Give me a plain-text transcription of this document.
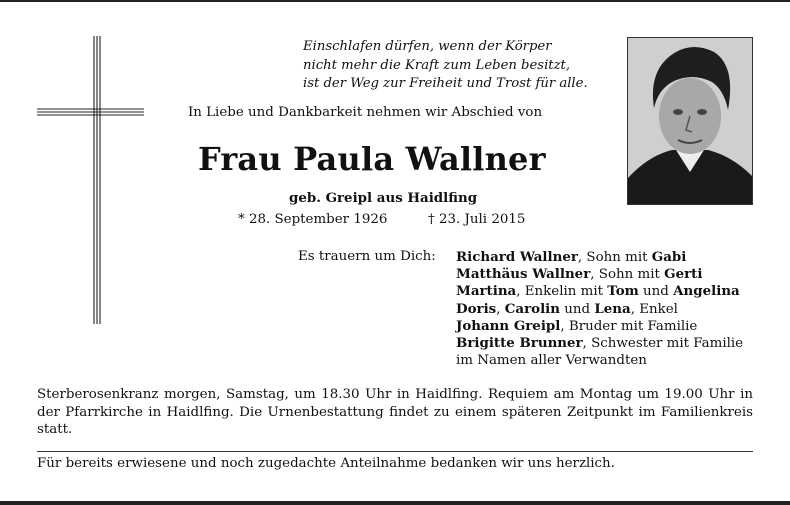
Einschlafen dürfen, wenn der Körper
nicht mehr die Kraft zum Leben besitzt,
ist der Weg zur Freiheit und Trost für alle.
In Liebe und Dankbarkeit nehmen wir Abschied von
Frau Paula Wallner
geb. Greipl aus Haidlfing
* 28. September 1926	† 23. Juli 2015
Es trauern um Dich: Richard Wallner, Sohn mit Gabi
Matthäus Wallner, Sohn mit Gerti
Martina, Enkelin mit Tom und Angelina
Doris, Carolin und Lena, Enkel
Johann Greipl, Bruder mit Familie
Brigitte Brunner, Schwester mit Familie
im Namen aller Verwandten
Sterberosenkranz morgen, Samstag, um 18.30 Uhr in Haidlfing. Requiem am Montag um 19.00 Uhr in der Pfarrkirche in Haidlfing. Die Urnenbestattung findet zu einem späteren Zeitpunkt im Familienkreis statt.
Für bereits erwiesene und noch zugedachte Anteilnahme bedanken wir uns herzlich.
